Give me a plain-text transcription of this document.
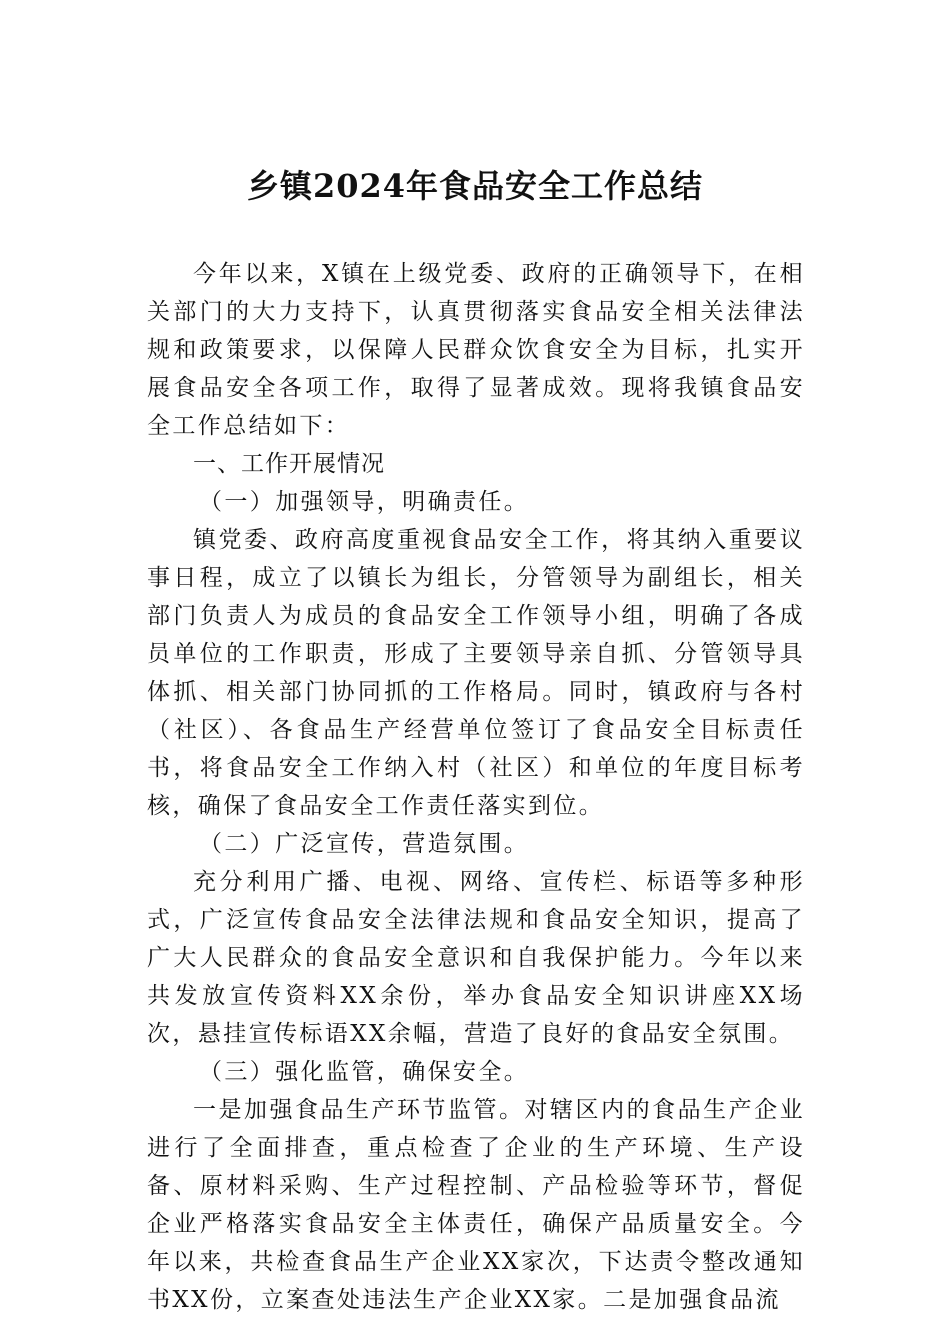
乡镇2024年食品安全工作总结

今年以来，X镇在上级党委、政府的正确领导下，在相关部门的大力支持下，认真贯彻落实食品安全相关法律法规和政策要求，以保障人民群众饮食安全为目标，扎实开展食品安全各项工作，取得了显著成效。现将我镇食品安全工作总结如下：

一、工作开展情况

（一）加强领导，明确责任。

镇党委、政府高度重视食品安全工作，将其纳入重要议事日程，成立了以镇长为组长，分管领导为副组长，相关部门负责人为成员的食品安全工作领导小组，明确了各成员单位的工作职责，形成了主要领导亲自抓、分管领导具体抓、相关部门协同抓的工作格局。同时，镇政府与各村（社区）、各食品生产经营单位签订了食品安全目标责任书，将食品安全工作纳入村（社区）和单位的年度目标考核，确保了食品安全工作责任落实到位。

（二）广泛宣传，营造氛围。

充分利用广播、电视、网络、宣传栏、标语等多种形式，广泛宣传食品安全法律法规和食品安全知识，提高了广大人民群众的食品安全意识和自我保护能力。今年以来共发放宣传资料XX余份，举办食品安全知识讲座XX场次，悬挂宣传标语XX余幅，营造了良好的食品安全氛围。

（三）强化监管，确保安全。

一是加强食品生产环节监管。对辖区内的食品生产企业进行了全面排查，重点检查了企业的生产环境、生产设备、原材料采购、生产过程控制、产品检验等环节，督促企业严格落实食品安全主体责任，确保产品质量安全。今年以来，共检查食品生产企业XX家次，下达责令整改通知书XX份，立案查处违法生产企业XX家。二是加强食品流
